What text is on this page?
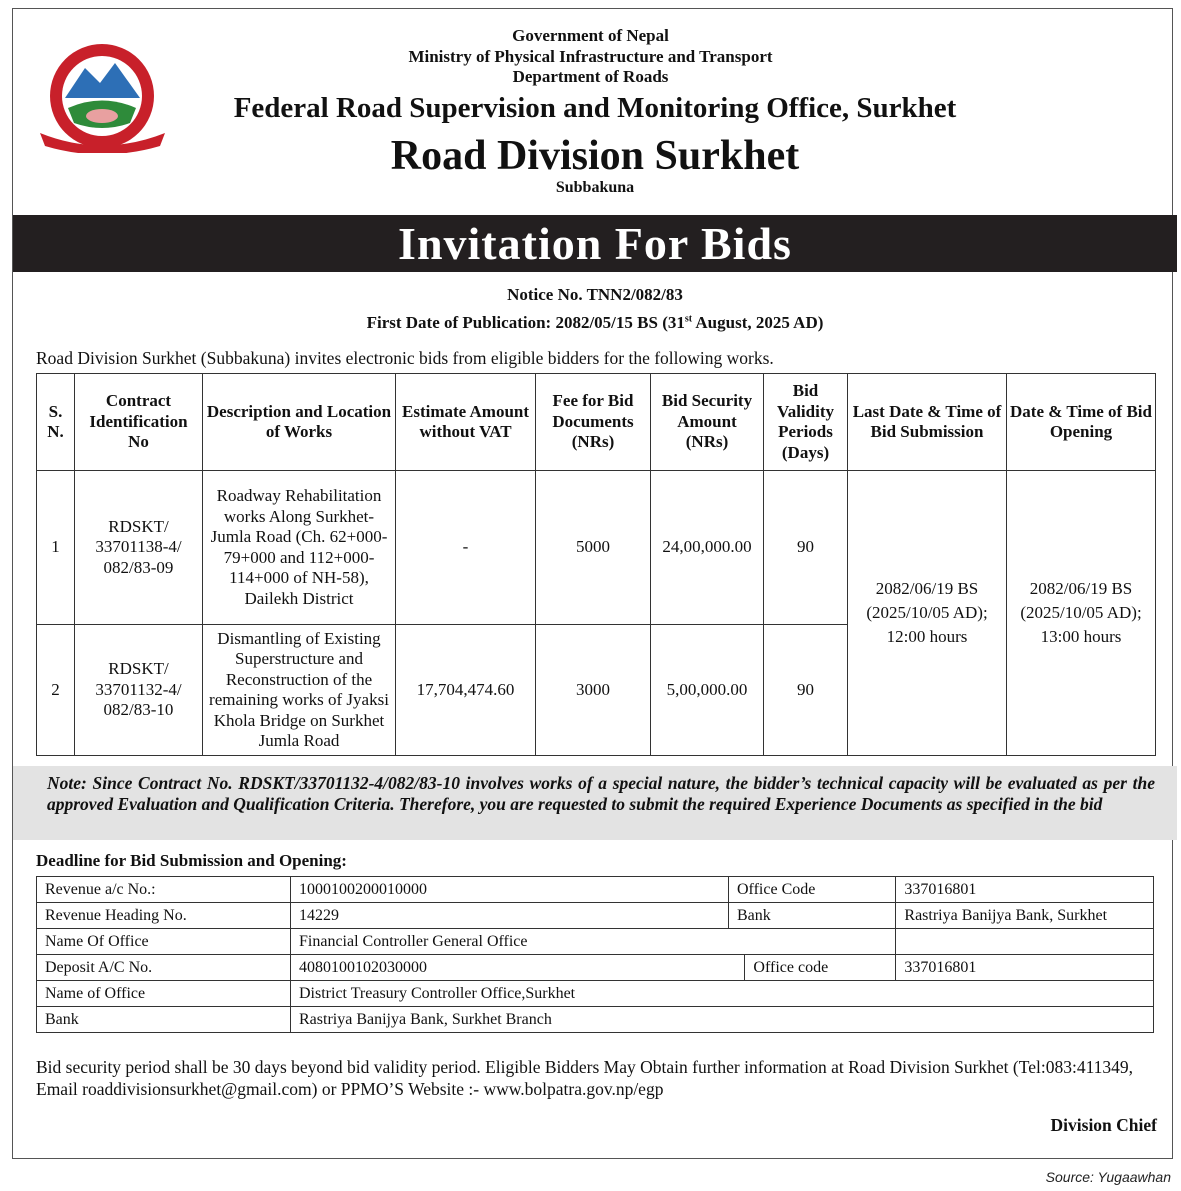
Government of Nepal
Ministry of Physical Infrastructure and Transport
Department of Roads
Federal Road Supervision and Monitoring Office, Surkhet
Road Division Surkhet
Subbakuna
Invitation For Bids
Notice No. TNN2/082/83
First Date of Publication: 2082/05/15 BS (31st August, 2025 AD)
Road Division Surkhet (Subbakuna) invites electronic bids from eligible bidders for the following works.
S. N.	Contract Identification No	Description and Location of Works	Estimate Amount without VAT	Fee for Bid Documents (NRs)	Bid Security Amount (NRs)	Bid Validity Periods (Days)	Last Date & Time of Bid Submission	Date & Time of Bid Opening
1	RDSKT/ 33701138-4/ 082/83-09	Roadway Rehabilitation works Along Surkhet-Jumla Road (Ch. 62+000-79+000 and 112+000-114+000 of NH-58), Dailekh District	-	5000	24,00,000.00	90	2082/06/19 BS (2025/10/05 AD); 12:00 hours	2082/06/19 BS (2025/10/05 AD); 13:00 hours
2	RDSKT/ 33701132-4/ 082/83-10	Dismantling of Existing Superstructure and Reconstruction of the remaining works of Jyaksi Khola Bridge on Surkhet Jumla Road	17,704,474.60	3000	5,00,000.00	90		
Note: Since Contract No. RDSKT/33701132-4/082/83-10 involves works of a special nature, the bidder’s technical capacity will be evaluated as per the approved Evaluation and Qualification Criteria. Therefore, you are requested to submit the required Experience Documents as specified in the bid
Deadline for Bid Submission and Opening:
Revenue a/c No.:	1000100200010000	Office Code		337016801
Revenue Heading No.	14229	Bank		Rastriya Banijya Bank, Surkhet
Name Of Office	Financial Controller General Office			
Deposit A/C No.	4080100102030000		Office code	337016801
Name of Office	District Treasury Controller Office,Surkhet			
Bank	Rastriya Banijya Bank, Surkhet Branch			
Bid security period shall be 30 days beyond bid validity period. Eligible Bidders May Obtain further information at Road Division Surkhet (Tel:083:411349, Email roaddivisionsurkhet@gmail.com) or PPMO’S Website :- www.bolpatra.gov.np/egp
Division Chief
Source: Yugaawhan
